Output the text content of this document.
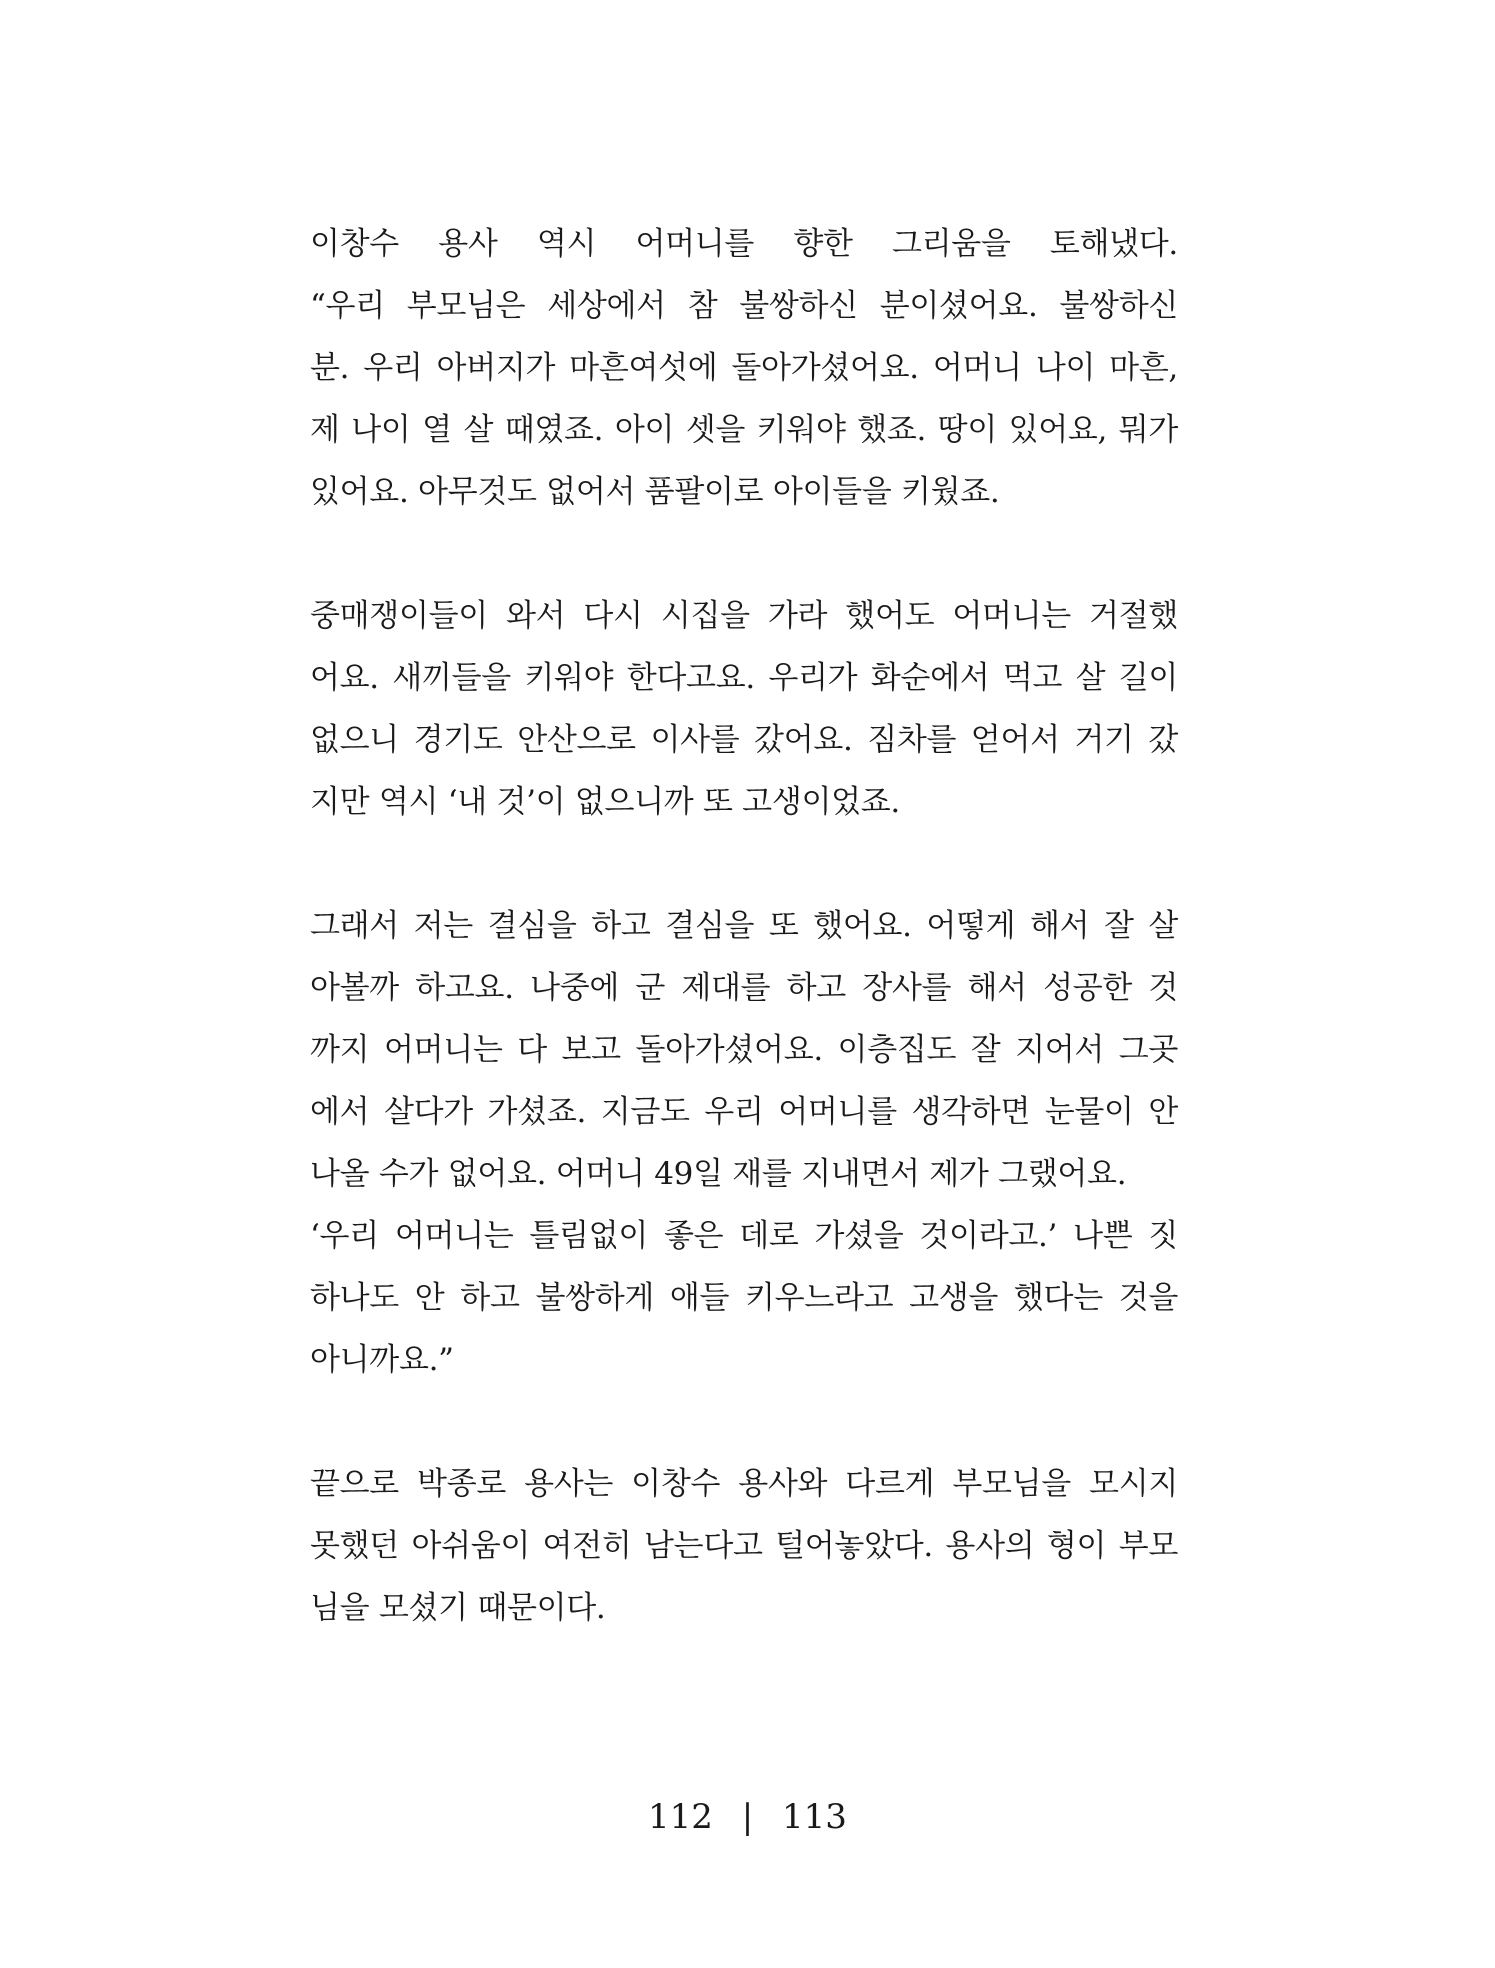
이창수 용사 역시 어머니를 향한 그리움을 토해냈다.
“우리 부모님은 세상에서 참 불쌍하신 분이셨어요. 불쌍하신
분. 우리 아버지가 마흔여섯에 돌아가셨어요. 어머니 나이 마흔,
제 나이 열 살 때였죠. 아이 셋을 키워야 했죠. 땅이 있어요, 뭐가
있어요. 아무것도 없어서 품팔이로 아이들을 키웠죠.
중매쟁이들이 와서 다시 시집을 가라 했어도 어머니는 거절했
어요. 새끼들을 키워야 한다고요. 우리가 화순에서 먹고 살 길이
없으니 경기도 안산으로 이사를 갔어요. 짐차를 얻어서 거기 갔
지만 역시 ‘내 것’이 없으니까 또 고생이었죠.
그래서 저는 결심을 하고 결심을 또 했어요. 어떻게 해서 잘 살
아볼까 하고요. 나중에 군 제대를 하고 장사를 해서 성공한 것
까지 어머니는 다 보고 돌아가셨어요. 이층집도 잘 지어서 그곳
에서 살다가 가셨죠. 지금도 우리 어머니를 생각하면 눈물이 안
나올 수가 없어요. 어머니 49일 재를 지내면서 제가 그랬어요.
‘우리 어머니는 틀림없이 좋은 데로 가셨을 것이라고.’ 나쁜 짓
하나도 안 하고 불쌍하게 애들 키우느라고 고생을 했다는 것을
아니까요.”
끝으로 박종로 용사는 이창수 용사와 다르게 부모님을 모시지
못했던 아쉬움이 여전히 남는다고 털어놓았다. 용사의 형이 부모
님을 모셨기 때문이다.
112 | 113
